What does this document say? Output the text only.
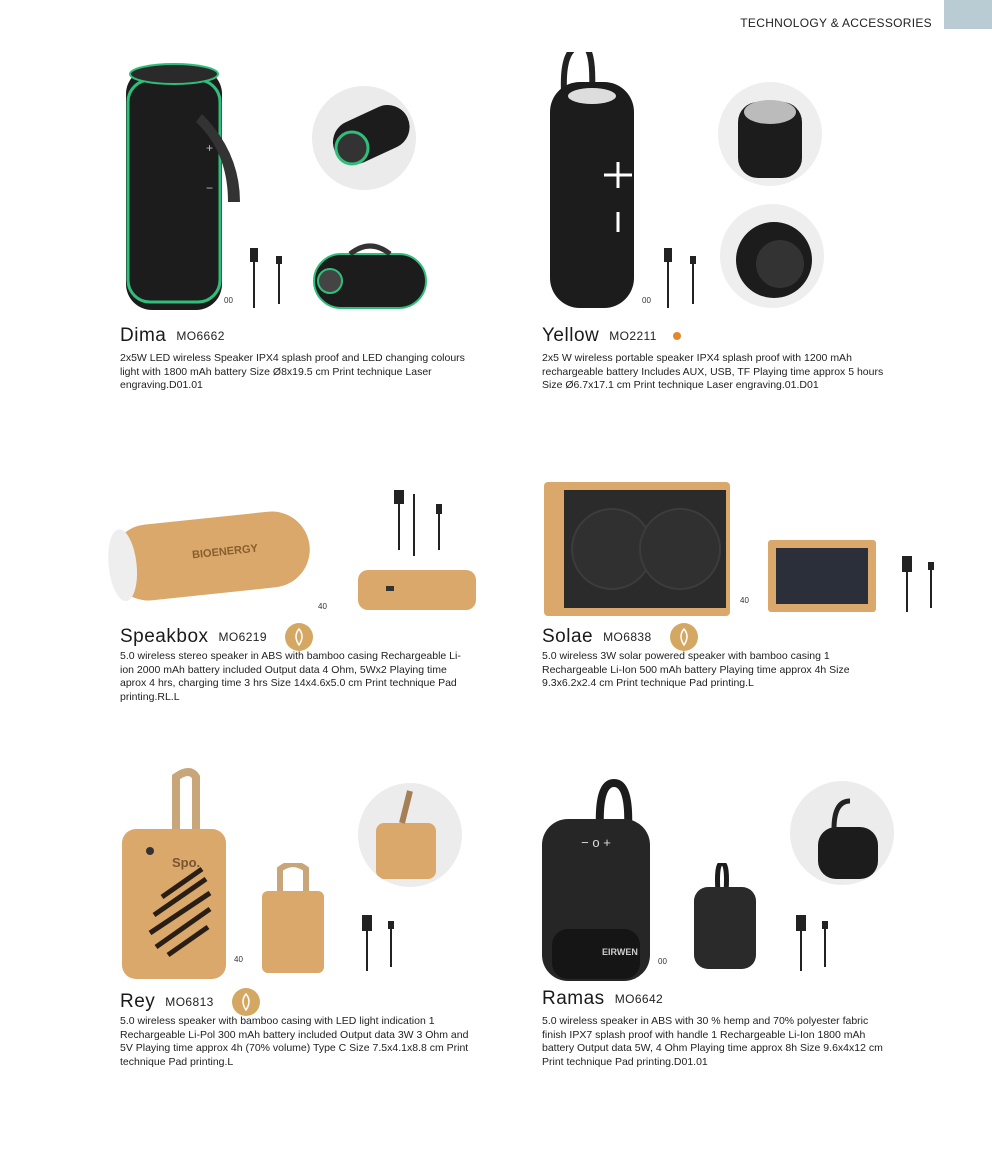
TECHNOLOGY & ACCESSORIES
+
−
00
Dima MO6662
2x5W LED wireless Speaker IPX4 splash proof and LED changing colours light with 1800 mAh battery Size Ø8x19.5 cm Print technique Laser engraving.D01.01
00
Yellow MO2211
2x5 W wireless portable speaker IPX4 splash proof with 1200 mAh rechargeable battery Includes AUX, USB, TF Playing time approx 5 hours Size Ø6.7x17.1 cm Print technique Laser engraving.01.D01
BIOENERGY
40
Speakbox MO6219
5.0 wireless stereo speaker in ABS with bamboo casing Rechargeable Li-ion 2000 mAh battery included Output data 4 Ohm, 5Wx2 Playing time aprox 4 hrs, charging time 3 hrs Size 14x4.6x5.0 cm Print technique Pad printing.RL.L
40
Solae MO6838
5.0 wireless 3W solar powered speaker with bamboo casing 1 Rechargeable Li-Ion 500 mAh battery Playing time approx 4h Size 9.3x6.2x2.4 cm Print technique Pad printing.L
Spo.
40
Rey MO6813
5.0 wireless speaker with bamboo casing with LED light indication 1 Rechargeable Li-Pol 300 mAh battery included Output data 3W 3 Ohm and 5V Playing time approx 4h (70% volume) Type C Size 7.5x4.1x8.8 cm Print technique Pad printing.L
− o +
EIRWEN
00
Ramas MO6642
5.0 wireless speaker in ABS with 30 % hemp and 70% polyester fabric finish IPX7 splash proof with handle 1 Rechargeable Li-Ion 1800 mAh battery Output data 5W, 4 Ohm Playing time approx 8h Size 9.6x4x12 cm Print technique Pad printing.D01.01
